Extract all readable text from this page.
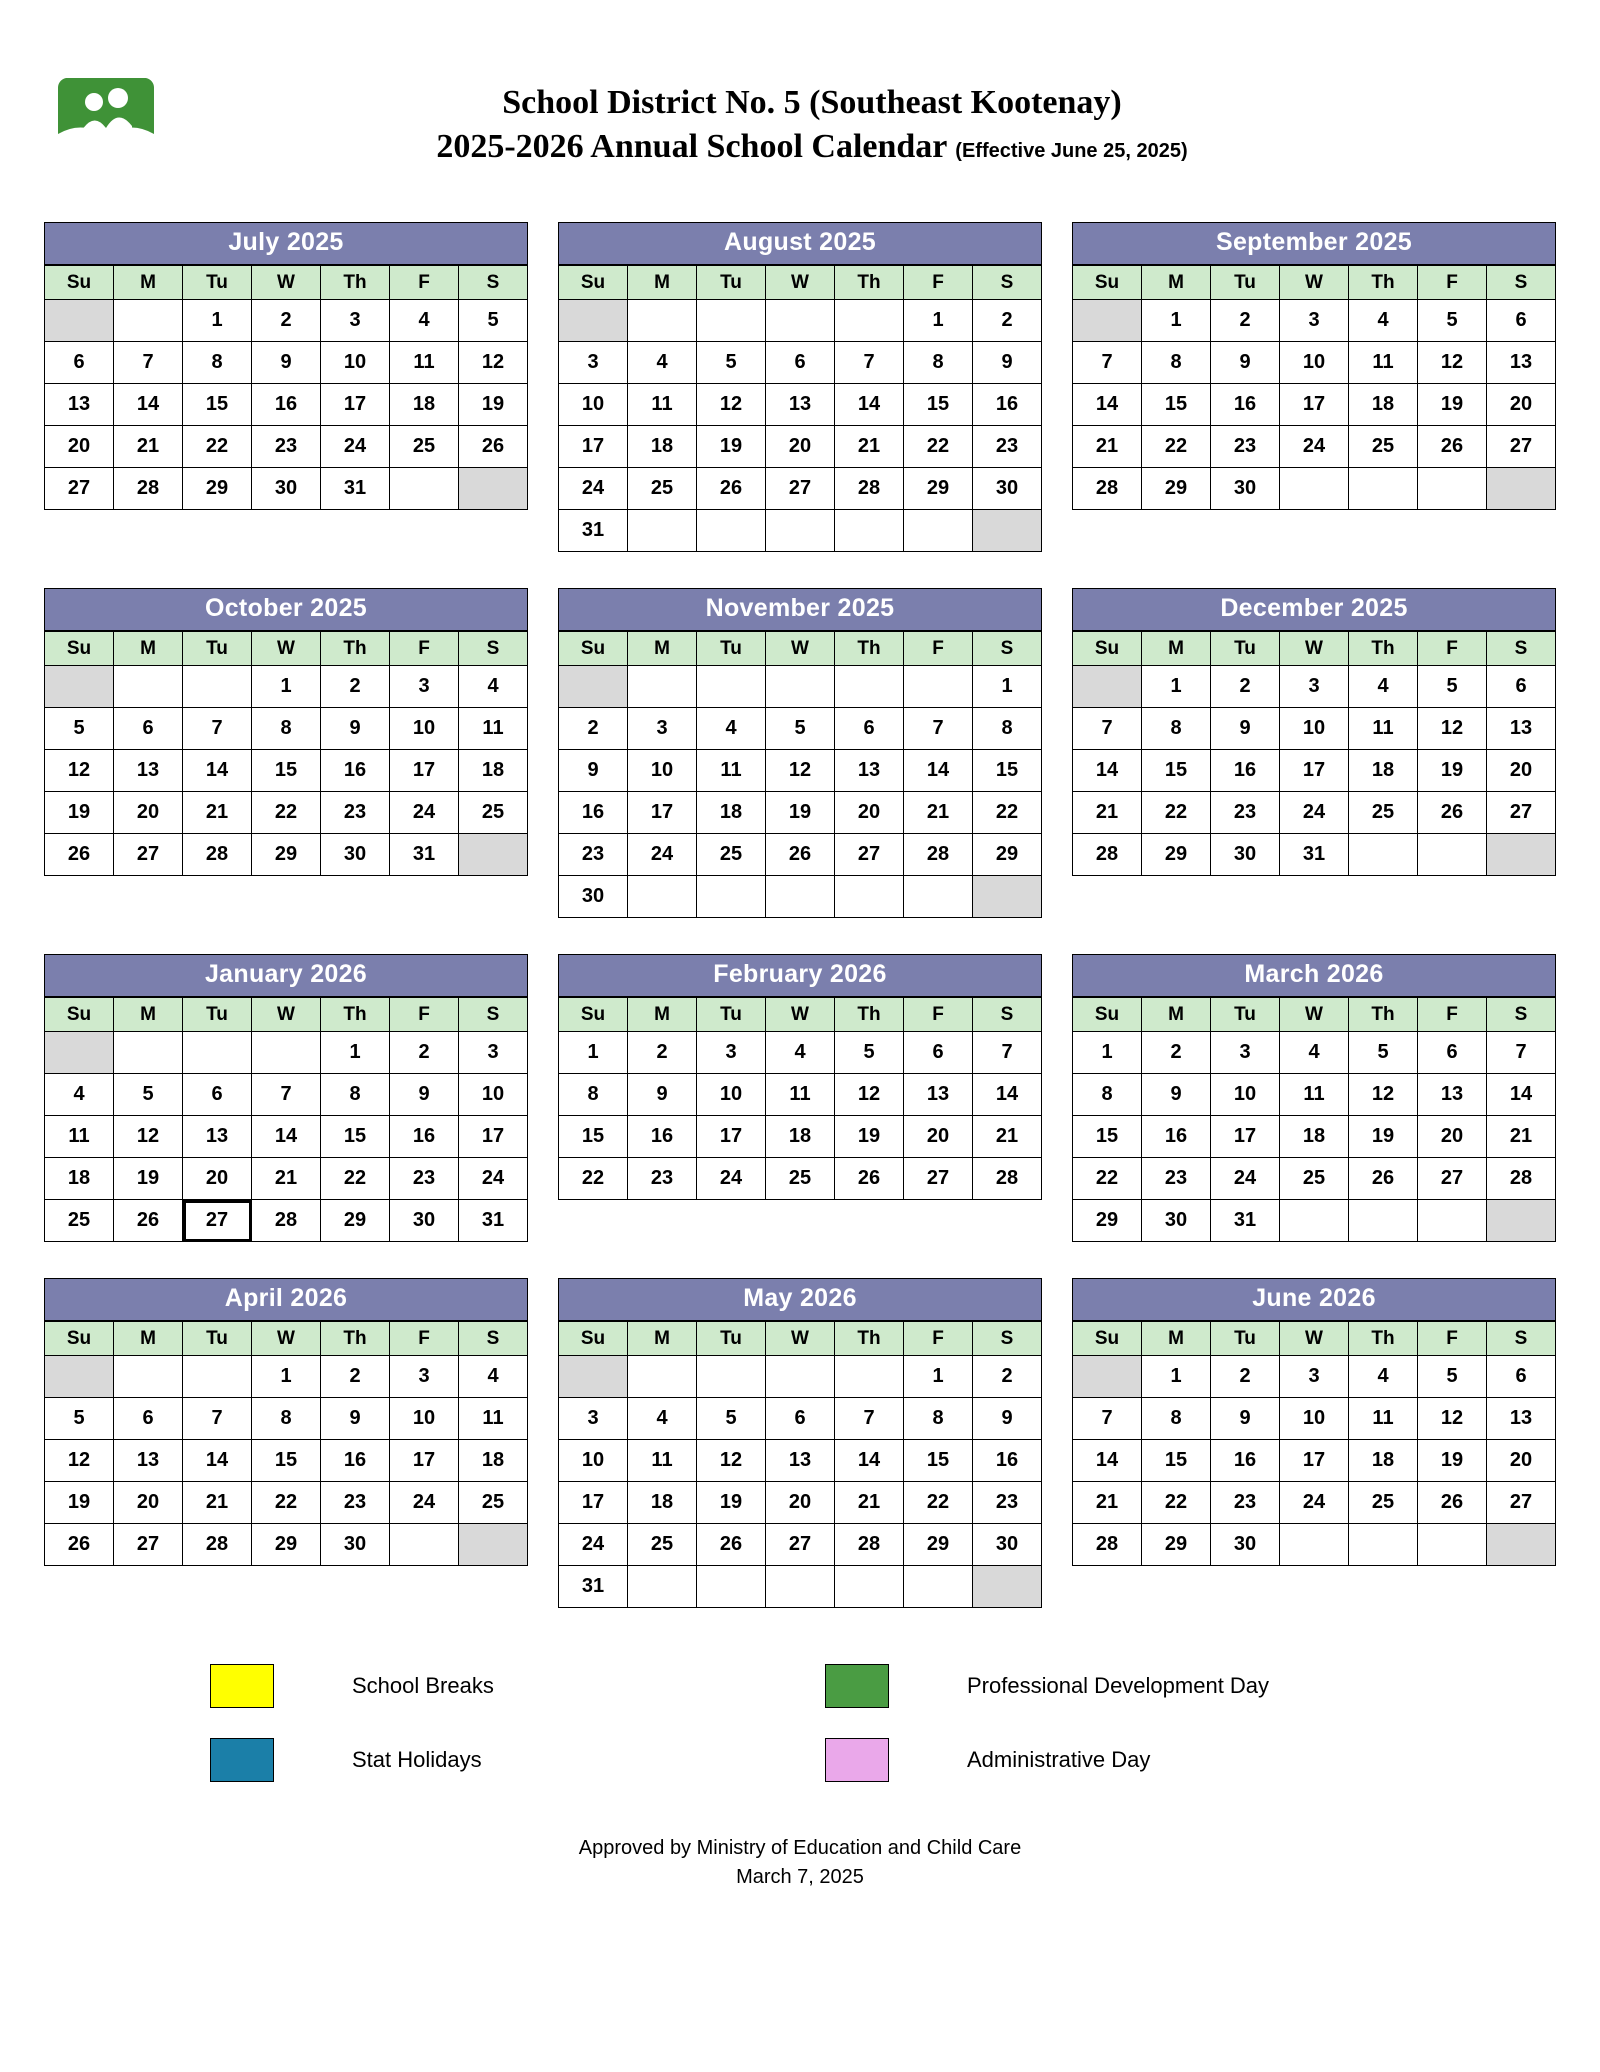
School District No. 5 (Southeast Kootenay)
2025-2026 Annual School Calendar (Effective June 25, 2025)
July 2025
Su	M	Tu	W	Th	F	S
		1	2	3	4	5
6	7	8	9	10	11	12
13	14	15	16	17	18	19
20	21	22	23	24	25	26
27	28	29	30	31		
August 2025
Su	M	Tu	W	Th	F	S
					1	2
3	4	5	6	7	8	9
10	11	12	13	14	15	16
17	18	19	20	21	22	23
24	25	26	27	28	29	30
31						
September 2025
Su	M	Tu	W	Th	F	S
	1	2	3	4	5	6
7	8	9	10	11	12	13
14	15	16	17	18	19	20
21	22	23	24	25	26	27
28	29	30				
October 2025
Su	M	Tu	W	Th	F	S
			1	2	3	4
5	6	7	8	9	10	11
12	13	14	15	16	17	18
19	20	21	22	23	24	25
26	27	28	29	30	31	
November 2025
Su	M	Tu	W	Th	F	S
						1
2	3	4	5	6	7	8
9	10	11	12	13	14	15
16	17	18	19	20	21	22
23	24	25	26	27	28	29
30						
December 2025
Su	M	Tu	W	Th	F	S
	1	2	3	4	5	6
7	8	9	10	11	12	13
14	15	16	17	18	19	20
21	22	23	24	25	26	27
28	29	30	31			
January 2026
Su	M	Tu	W	Th	F	S
				1	2	3
4	5	6	7	8	9	10
11	12	13	14	15	16	17
18	19	20	21	22	23	24
25	26	27	28	29	30	31
February 2026
Su	M	Tu	W	Th	F	S
1	2	3	4	5	6	7
8	9	10	11	12	13	14
15	16	17	18	19	20	21
22	23	24	25	26	27	28
March 2026
Su	M	Tu	W	Th	F	S
1	2	3	4	5	6	7
8	9	10	11	12	13	14
15	16	17	18	19	20	21
22	23	24	25	26	27	28
29	30	31				
April 2026
Su	M	Tu	W	Th	F	S
			1	2	3	4
5	6	7	8	9	10	11
12	13	14	15	16	17	18
19	20	21	22	23	24	25
26	27	28	29	30		
May 2026
Su	M	Tu	W	Th	F	S
					1	2
3	4	5	6	7	8	9
10	11	12	13	14	15	16
17	18	19	20	21	22	23
24	25	26	27	28	29	30
31						
June 2026
Su	M	Tu	W	Th	F	S
	1	2	3	4	5	6
7	8	9	10	11	12	13
14	15	16	17	18	19	20
21	22	23	24	25	26	27
28	29	30				
School Breaks	Professional Development Day
Stat Holidays	Administrative Day
Approved by Ministry of Education and Child Care
March 7, 2025
